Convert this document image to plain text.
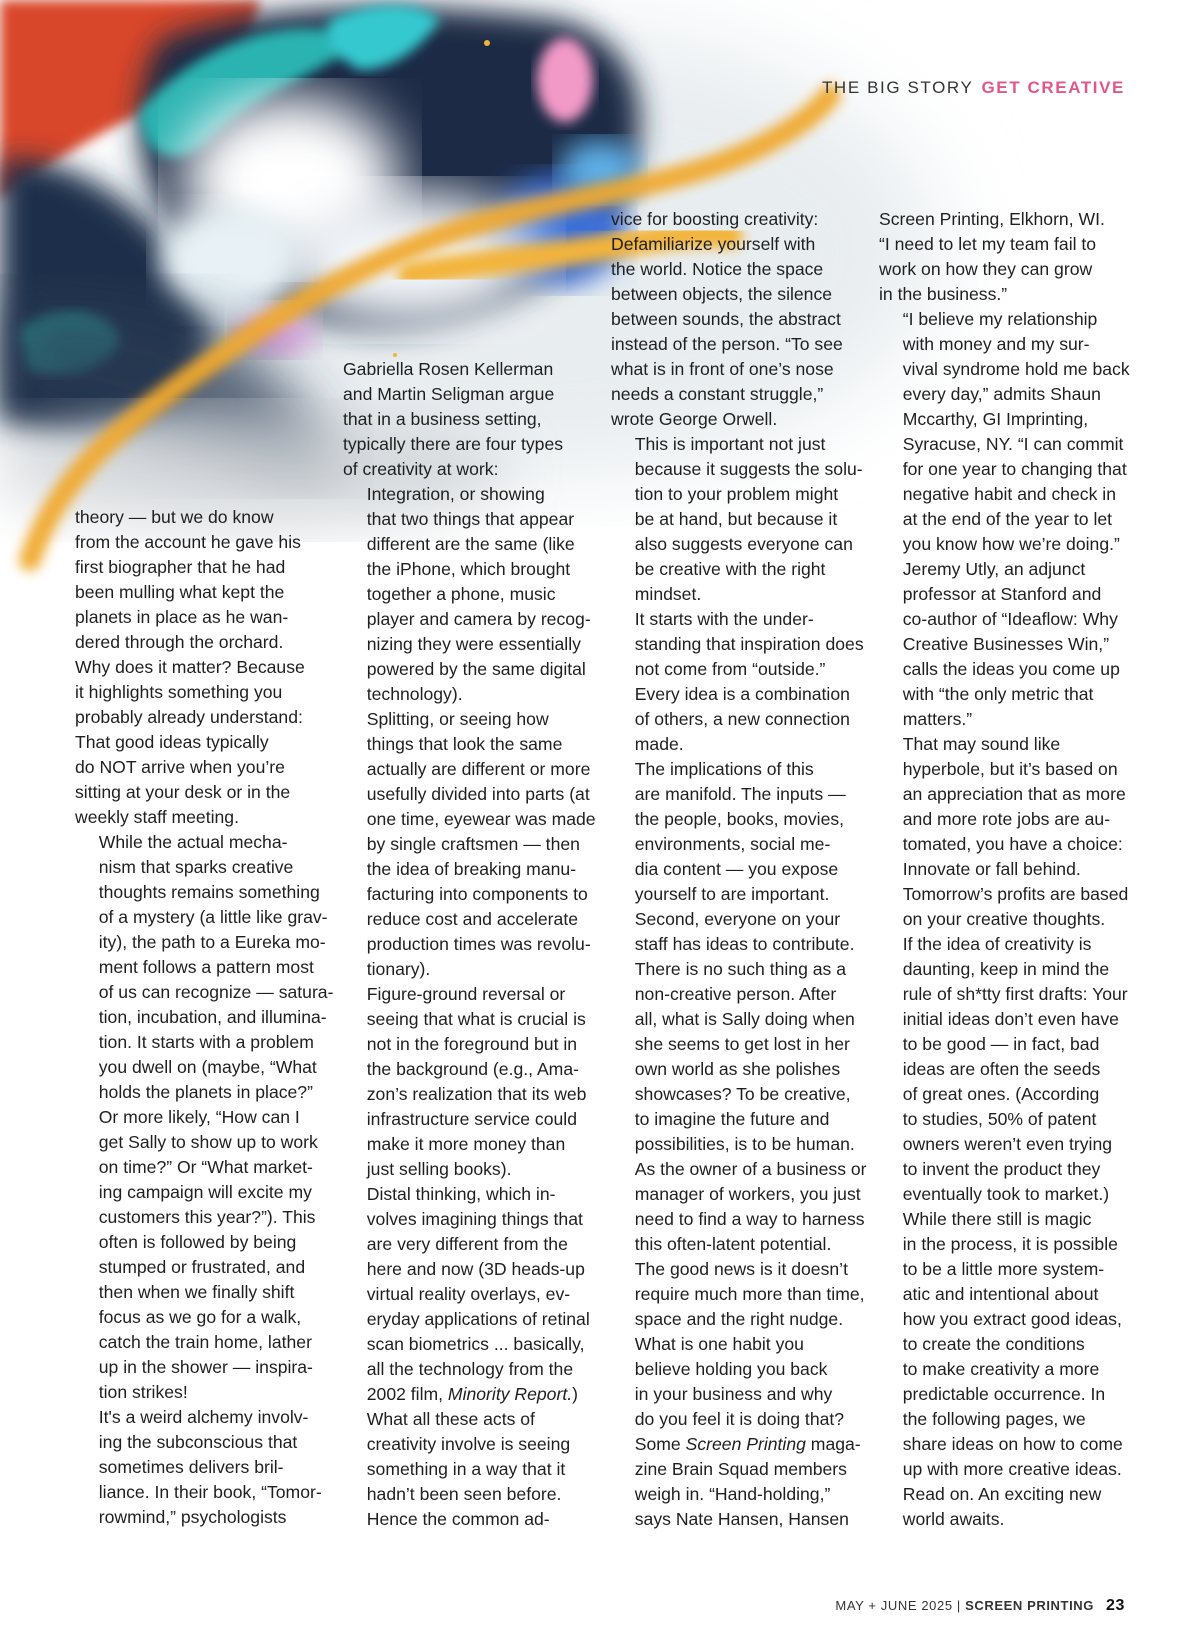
THE BIG STORY GET CREATIVE

theory — but we do know
from the account he gave his
first biographer that he had
been mulling what kept the
planets in place as he wan-
dered through the orchard.
Why does it matter? Because
it highlights something you
probably already understand:
That good ideas typically
do NOT arrive when you’re
sitting at your desk or in the
weekly staff meeting.

While the actual mecha-
nism that sparks creative
thoughts remains something
of a mystery (a little like grav-
ity), the path to a Eureka mo-
ment follows a pattern most
of us can recognize — satura-
tion, incubation, and illumina-
tion. It starts with a problem
you dwell on (maybe, “What
holds the planets in place?”
Or more likely, “How can I
get Sally to show up to work
on time?” Or “What market-
ing campaign will excite my
customers this year?”). This
often is followed by being
stumped or frustrated, and
then when we finally shift
focus as we go for a walk,
catch the train home, lather
up in the shower — inspira-
tion strikes!

It's a weird alchemy involv-
ing the subconscious that
sometimes delivers bril-
liance. In their book, “Tomor-
rowmind,” psychologists

Gabriella Rosen Kellerman
and Martin Seligman argue
that in a business setting,
typically there are four types
of creativity at work:

Integration, or showing
that two things that appear
different are the same (like
the iPhone, which brought
together a phone, music
player and camera by recog-
nizing they were essentially
powered by the same digital
technology).

Splitting, or seeing how
things that look the same
actually are different or more
usefully divided into parts (at
one time, eyewear was made
by single craftsmen — then
the idea of breaking manu-
facturing into components to
reduce cost and accelerate
production times was revolu-
tionary).

Figure-ground reversal or
seeing that what is crucial is
not in the foreground but in
the background (e.g., Ama-
zon’s realization that its web
infrastructure service could
make it more money than
just selling books).

Distal thinking, which in-
volves imagining things that
are very different from the
here and now (3D heads-up
virtual reality overlays, ev-
eryday applications of retinal
scan biometrics ... basically,
all the technology from the
2002 film, Minority Report.)

What all these acts of
creativity involve is seeing
something in a way that it
hadn’t been seen before.

Hence the common ad-

vice for boosting creativity:
Defamiliarize yourself with
the world. Notice the space
between objects, the silence
between sounds, the abstract
instead of the person. “To see
what is in front of one’s nose
needs a constant struggle,”
wrote George Orwell.

This is important not just
because it suggests the solu-
tion to your problem might
be at hand, but because it
also suggests everyone can
be creative with the right
mindset.

It starts with the under-
standing that inspiration does
not come from “outside.”
Every idea is a combination
of others, a new connection
made.

The implications of this
are manifold. The inputs —
the people, books, movies,
environments, social me-
dia content — you expose
yourself to are important.
Second, everyone on your
staff has ideas to contribute.
There is no such thing as a
non-creative person. After
all, what is Sally doing when
she seems to get lost in her
own world as she polishes
showcases? To be creative,
to imagine the future and
possibilities, is to be human.
As the owner of a business or
manager of workers, you just
need to find a way to harness
this often-latent potential.
The good news is it doesn’t
require much more than time,
space and the right nudge.

What is one habit you
believe holding you back
in your business and why
do you feel it is doing that?
Some Screen Printing maga-
zine Brain Squad members
weigh in. “Hand-holding,”
says Nate Hansen, Hansen

Screen Printing, Elkhorn, WI.
“I need to let my team fail to
work on how they can grow
in the business.”

“I believe my relationship
with money and my sur-
vival syndrome hold me back
every day,” admits Shaun
Mccarthy, GI Imprinting,
Syracuse, NY. “I can commit
for one year to changing that
negative habit and check in
at the end of the year to let
you know how we’re doing.”

Jeremy Utly, an adjunct
professor at Stanford and
co-author of “Ideaflow: Why
Creative Businesses Win,”
calls the ideas you come up
with “the only metric that
matters.”

That may sound like
hyperbole, but it’s based on
an appreciation that as more
and more rote jobs are au-
tomated, you have a choice:
Innovate or fall behind.
Tomorrow’s profits are based
on your creative thoughts.

If the idea of creativity is
daunting, keep in mind the
rule of sh*tty first drafts: Your
initial ideas don’t even have
to be good — in fact, bad
ideas are often the seeds
of great ones. (According
to studies, 50% of patent
owners weren’t even trying
to invent the product they
eventually took to market.)

While there still is magic
in the process, it is possible
to be a little more system-
atic and intentional about
how you extract good ideas,
to create the conditions
to make creativity a more
predictable occurrence. In
the following pages, we
share ideas on how to come
up with more creative ideas.
Read on. An exciting new
world awaits.

MAY + JUNE 2025 | SCREEN PRINTING 23
